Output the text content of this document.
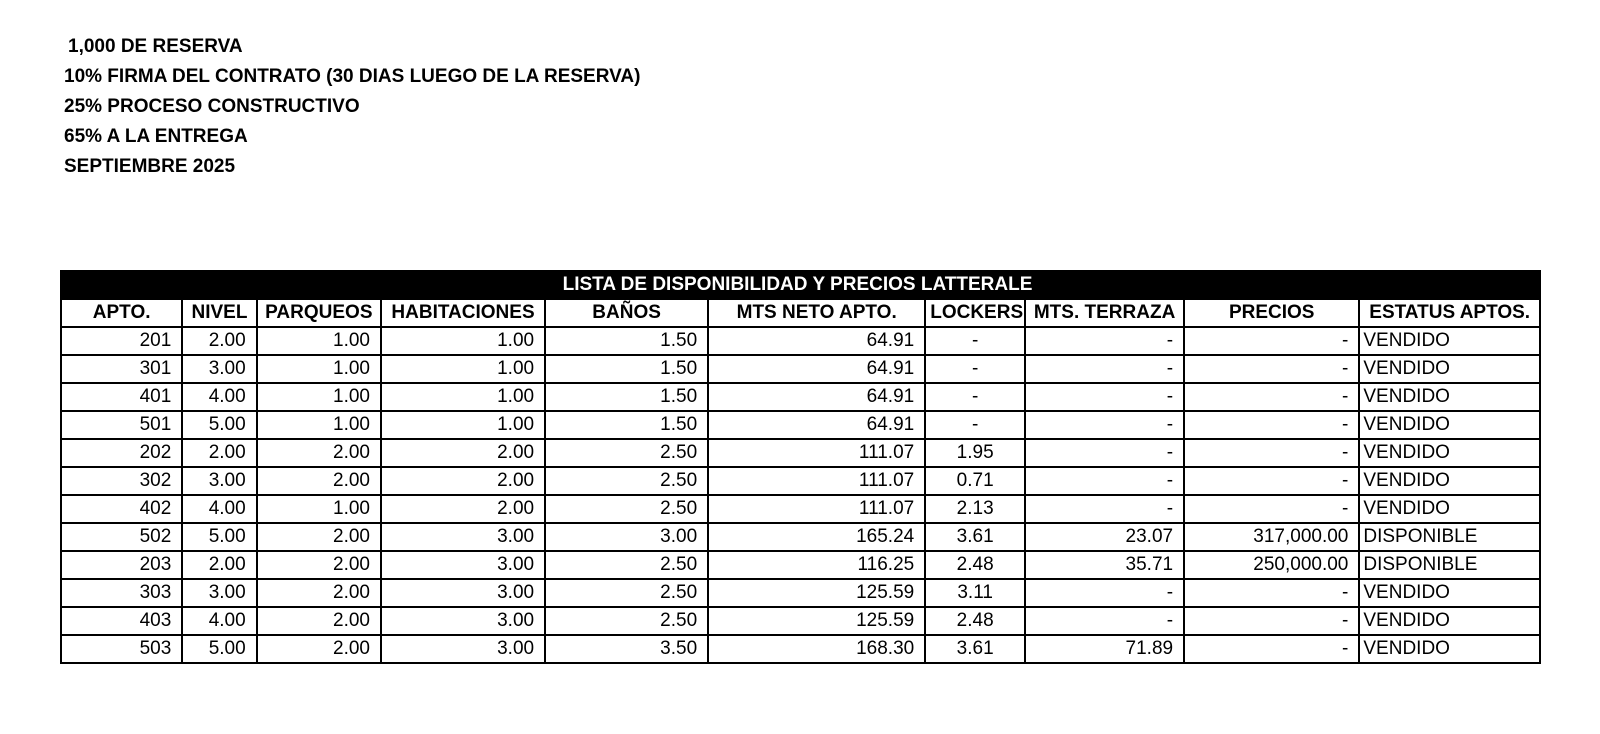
1,000 DE RESERVA
10% FIRMA DEL CONTRATO (30 DIAS LUEGO DE LA RESERVA)
25% PROCESO CONSTRUCTIVO
65% A LA ENTREGA
SEPTIEMBRE 2025
LISTA DE DISPONIBILIDAD Y PRECIOS LATTERALE									
APTO.	NIVEL	PARQUEOS	HABITACIONES	BAÑOS	MTS NETO APTO.	LOCKERS	MTS. TERRAZA	PRECIOS	ESTATUS APTOS.
201	2.00	1.00	1.00	1.50	64.91	-	-	-	VENDIDO
301	3.00	1.00	1.00	1.50	64.91	-	-	-	VENDIDO
401	4.00	1.00	1.00	1.50	64.91	-	-	-	VENDIDO
501	5.00	1.00	1.00	1.50	64.91	-	-	-	VENDIDO
202	2.00	2.00	2.00	2.50	111.07	1.95	-	-	VENDIDO
302	3.00	2.00	2.00	2.50	111.07	0.71	-	-	VENDIDO
402	4.00	1.00	2.00	2.50	111.07	2.13	-	-	VENDIDO
502	5.00	2.00	3.00	3.00	165.24	3.61	23.07	317,000.00	DISPONIBLE
203	2.00	2.00	3.00	2.50	116.25	2.48	35.71	250,000.00	DISPONIBLE
303	3.00	2.00	3.00	2.50	125.59	3.11	-	-	VENDIDO
403	4.00	2.00	3.00	2.50	125.59	2.48	-	-	VENDIDO
503	5.00	2.00	3.00	3.50	168.30	3.61	71.89	-	VENDIDO
